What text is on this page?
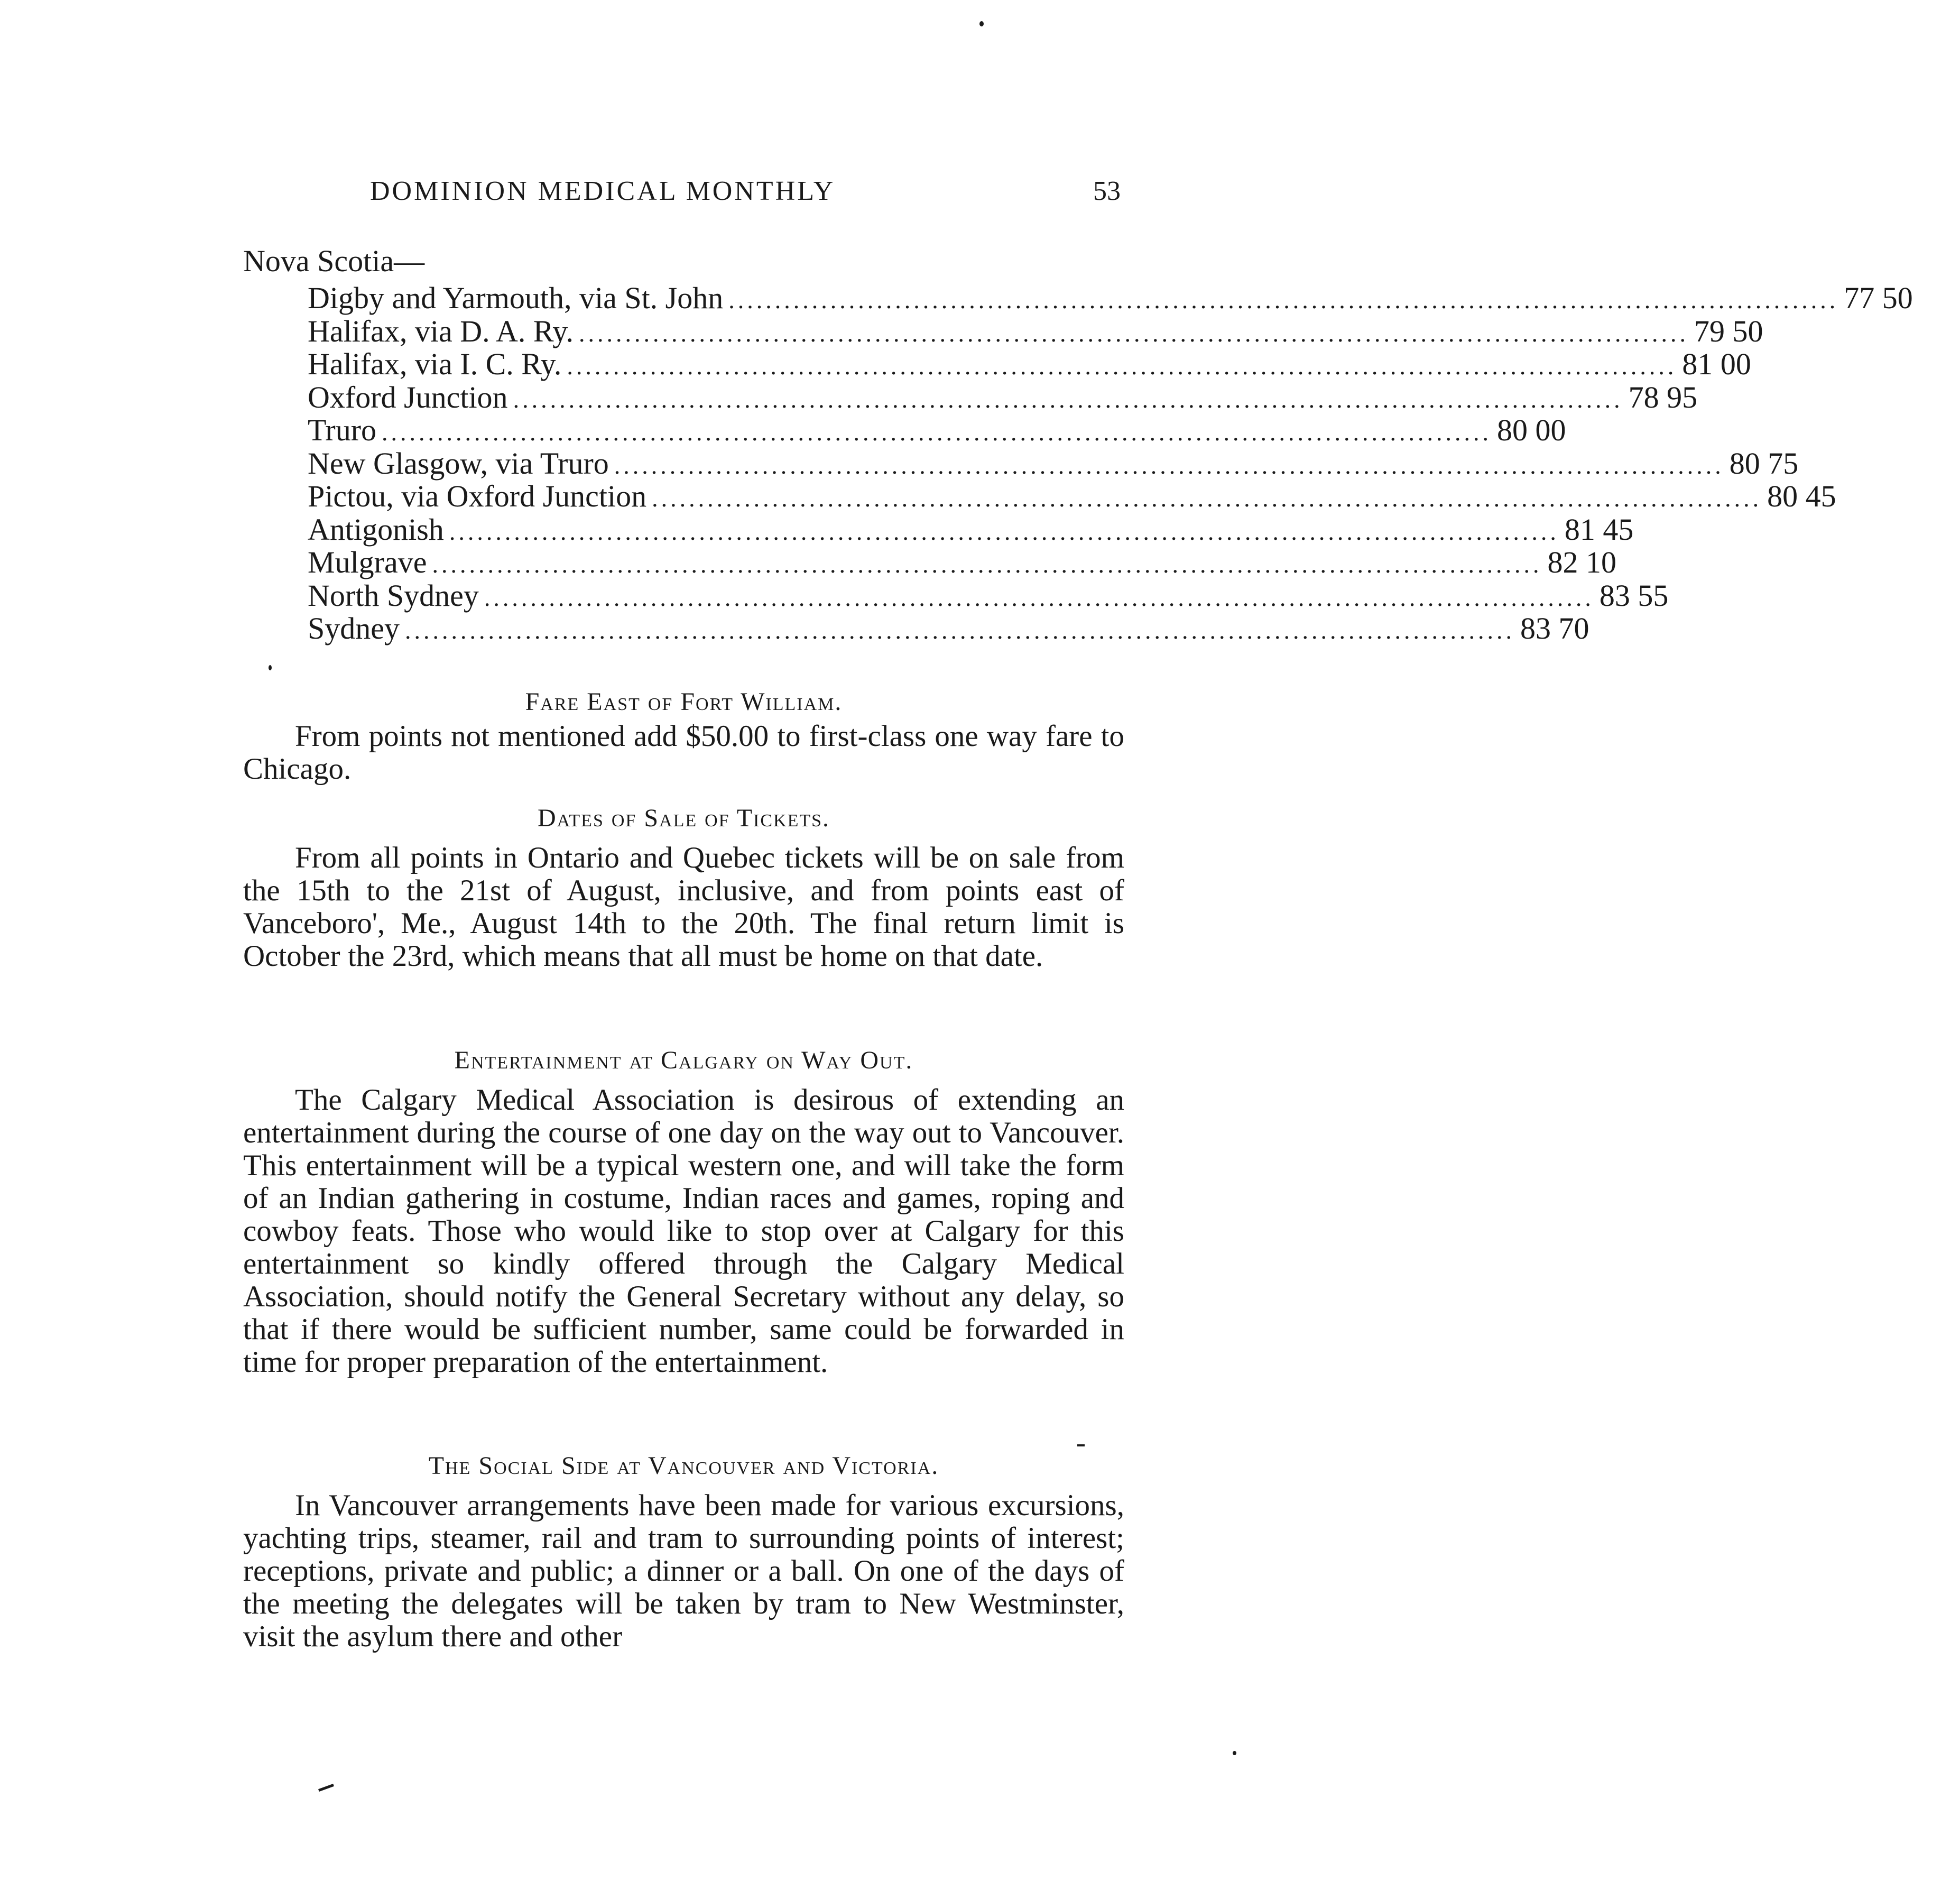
DOMINION MEDICAL MONTHLY	53
Nova Scotia—
Digby and Yarmouth, via St. John ........................................................................................................................ 77 50
Halifax, via D. A. Ry. ........................................................................................................................ 79 50
Halifax, via I. C. Ry. ........................................................................................................................ 81 00
Oxford Junction ........................................................................................................................ 78 95
Truro ........................................................................................................................ 80 00
New Glasgow, via Truro ........................................................................................................................ 80 75
Pictou, via Oxford Junction ........................................................................................................................ 80 45
Antigonish ........................................................................................................................ 81 45
Mulgrave ........................................................................................................................ 82 10
North Sydney ........................................................................................................................ 83 55
Sydney ........................................................................................................................ 83 70
Fare East of Fort William.

From points not mentioned add $50.00 to first-class one way fare to Chicago.

Dates of Sale of Tickets.

From all points in Ontario and Quebec tickets will be on sale from the 15th to the 21st of August, inclusive, and from points east of Vanceboro', Me., August 14th to the 20th. The final return limit is October the 23rd, which means that all must be home on that date.

Entertainment at Calgary on Way Out.

The Calgary Medical Association is desirous of extending an entertainment during the course of one day on the way out to Vancouver. This entertainment will be a typical western one, and will take the form of an Indian gathering in costume, Indian races and games, roping and cowboy feats. Those who would like to stop over at Calgary for this entertainment so kindly offered through the Calgary Medical Association, should notify the General Secretary without any delay, so that if there would be sufficient number, same could be forwarded in time for proper preparation of the entertainment.

The Social Side at Vancouver and Victoria.

In Vancouver arrangements have been made for various excursions, yachting trips, steamer, rail and tram to surrounding points of interest; receptions, private and public; a dinner or a ball. On one of the days of the meeting the delegates will be taken by tram to New Westminster, visit the asylum there and other
